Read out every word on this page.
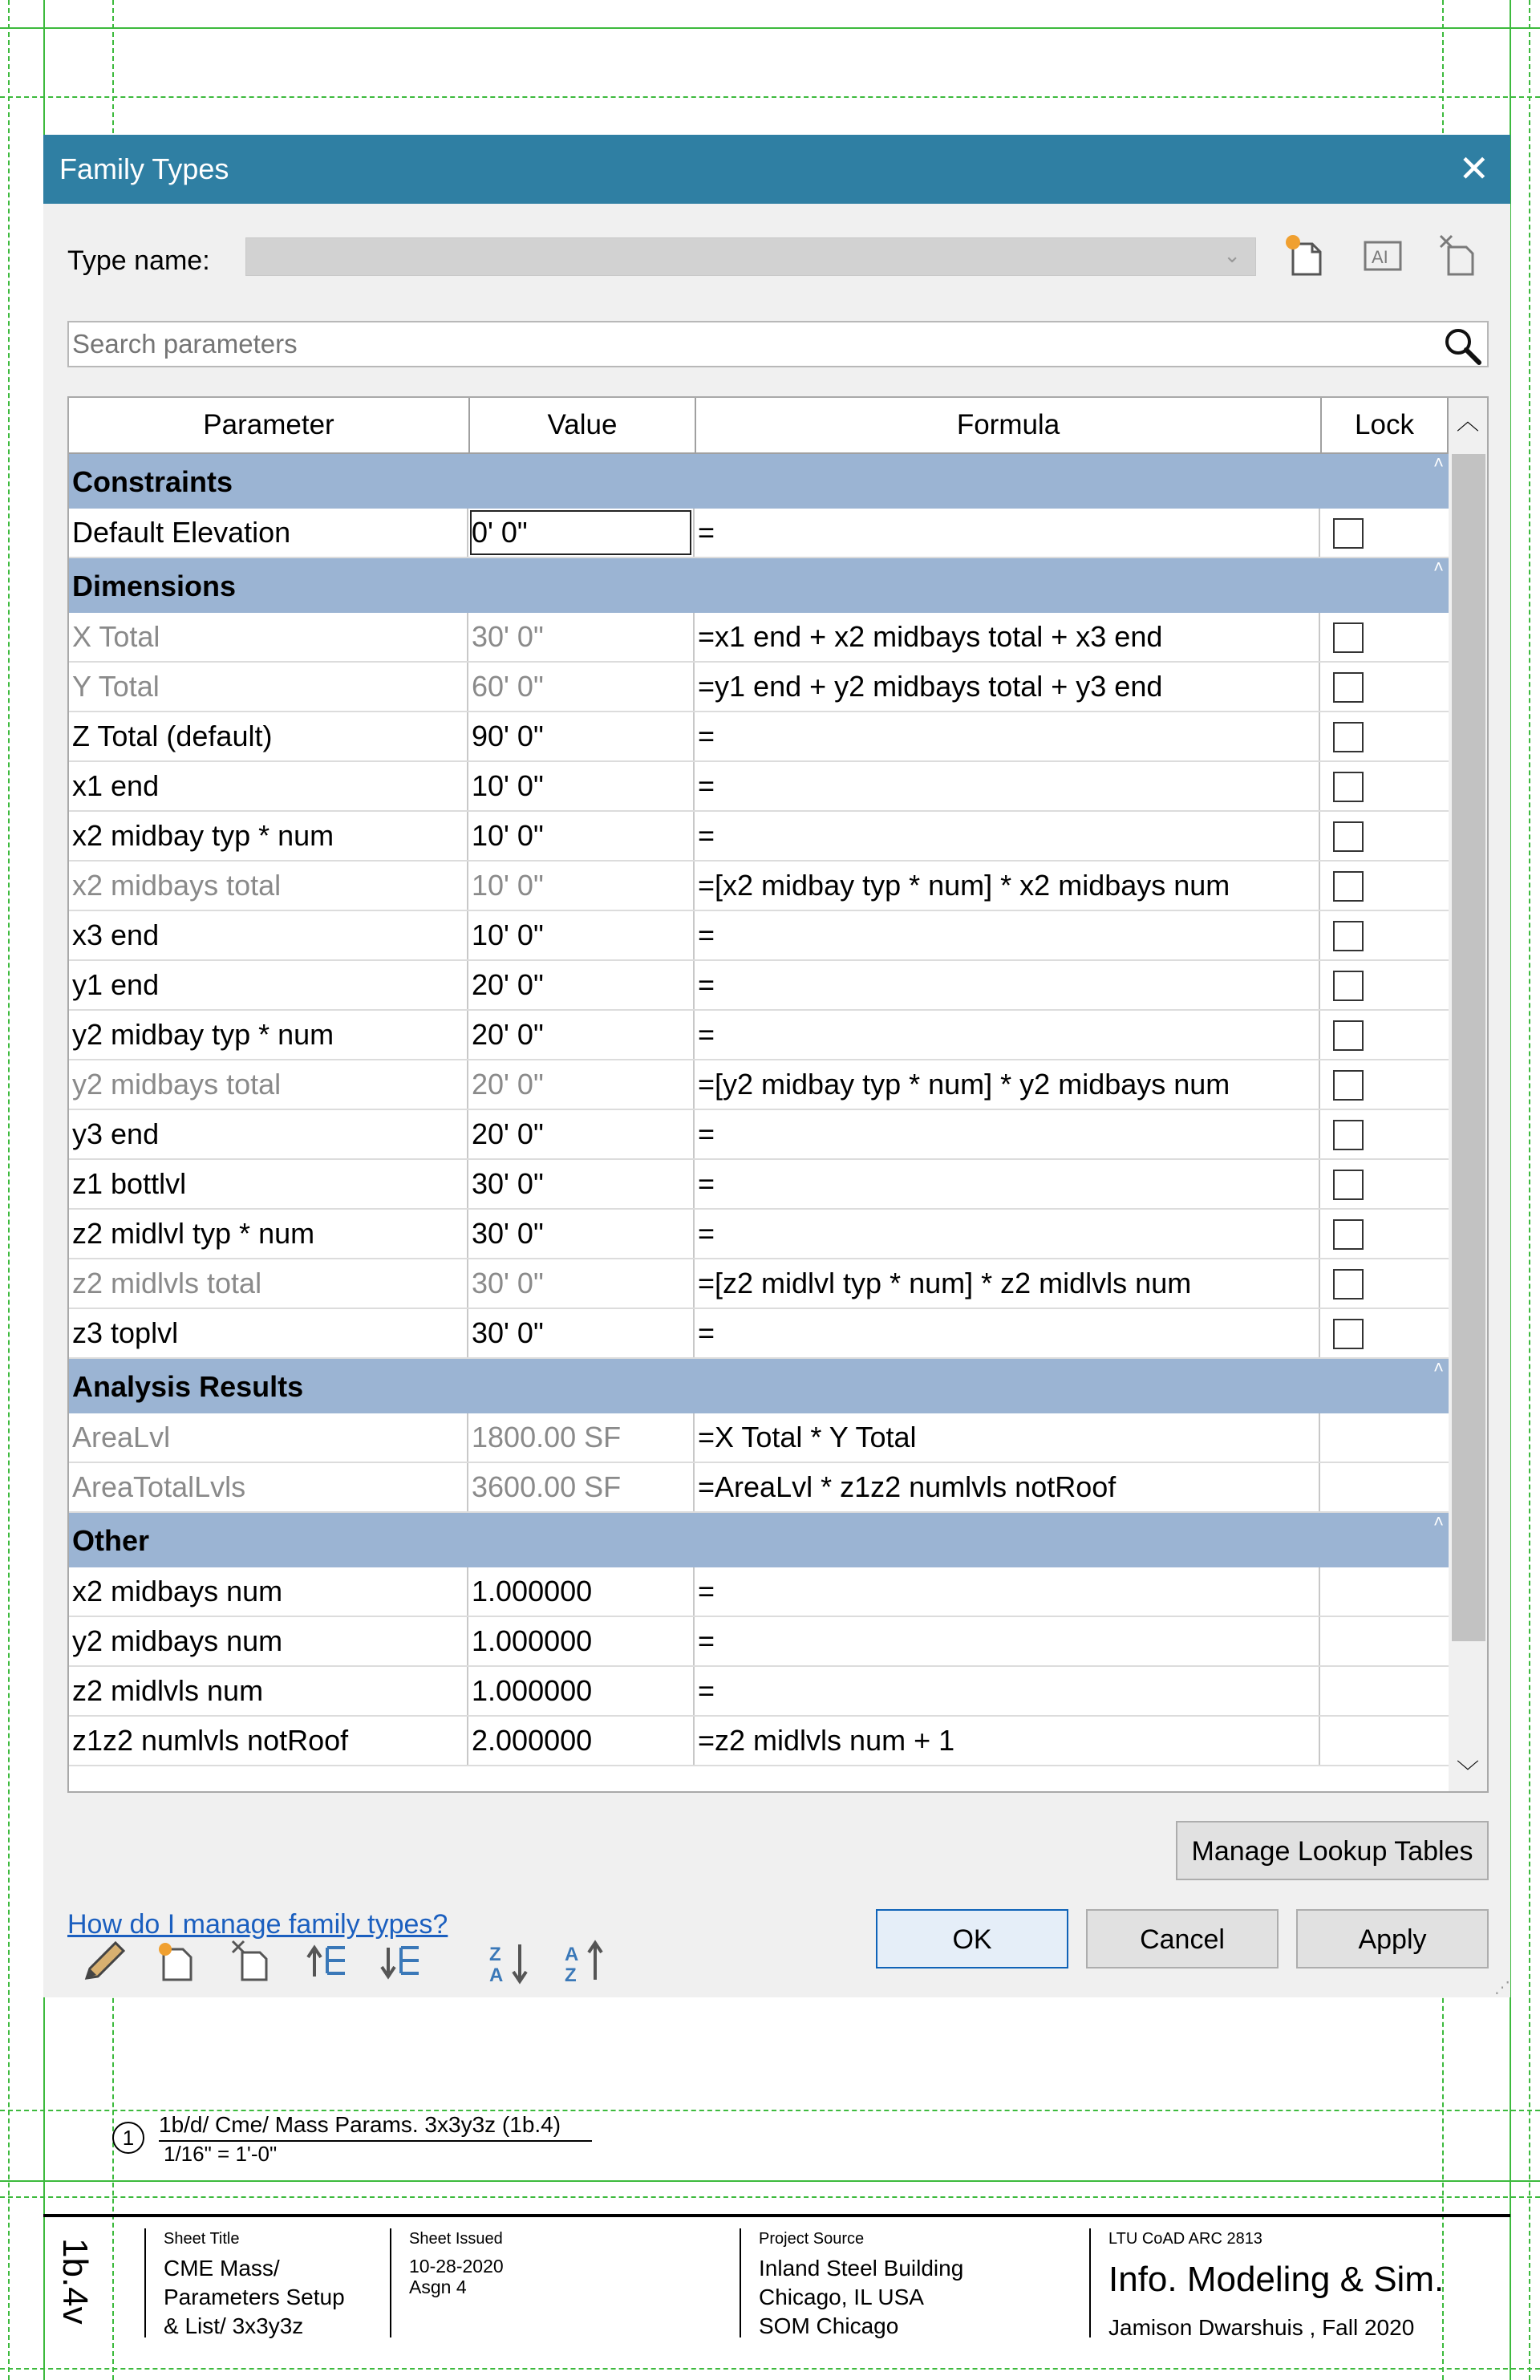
Family Types	✕
Type name:	⌄	AI
Search parameters
Parameter	Value	Formula	Lock
Constraints
˄
Default Elevation	0' 0"	=
Dimensions
˄
X Total	30' 0"	=x1 end + x2 midbays total + x3 end
Y Total	60' 0"	=y1 end + y2 midbays total + y3 end
Z Total (default)	90' 0"	=
x1 end	10' 0"	=
x2 midbay typ * num	10' 0"	=
x2 midbays total	10' 0"	=[x2 midbay typ * num] * x2 midbays num
x3 end	10' 0"	=
y1 end	20' 0"	=
y2 midbay typ * num	20' 0"	=
y2 midbays total	20' 0"	=[y2 midbay typ * num] * y2 midbays num
y3 end	20' 0"	=
z1 bottlvl	30' 0"	=
z2 midlvl typ * num	30' 0"	=
z2 midlvls total	30' 0"	=[z2 midlvl typ * num] * z2 midlvls num
z3 toplvl	30' 0"	=
Analysis Results
˄
AreaLvl	1800.00 SF	=X Total * Y Total
AreaTotalLvls	3600.00 SF	=AreaLvl * z1z2 numlvls notRoof
Other
˄
x2 midbays num	1.000000	=
y2 midbays num	1.000000	=
z2 midlvls num	1.000000	=
z1z2 numlvls notRoof	2.000000	=z2 midlvls num + 1
︿
﹀
Z
A
A
Z
Manage Lookup Tables
How do I manage family types?	OK	Cancel	Apply
⋰
1
1b/d/ Cme/ Mass Params. 3x3y3z (1b.4)
1/16" = 1'-0"
1b.4v	Sheet Title
CME Mass/
Parameters Setup
& List/ 3x3y3z
Sheet Issued
10-28-2020
Asgn 4
Project Source
Inland Steel Building
Chicago, IL USA
SOM Chicago
LTU CoAD ARC 2813
Info. Modeling & Sim.
Jamison Dwarshuis , Fall 2020
